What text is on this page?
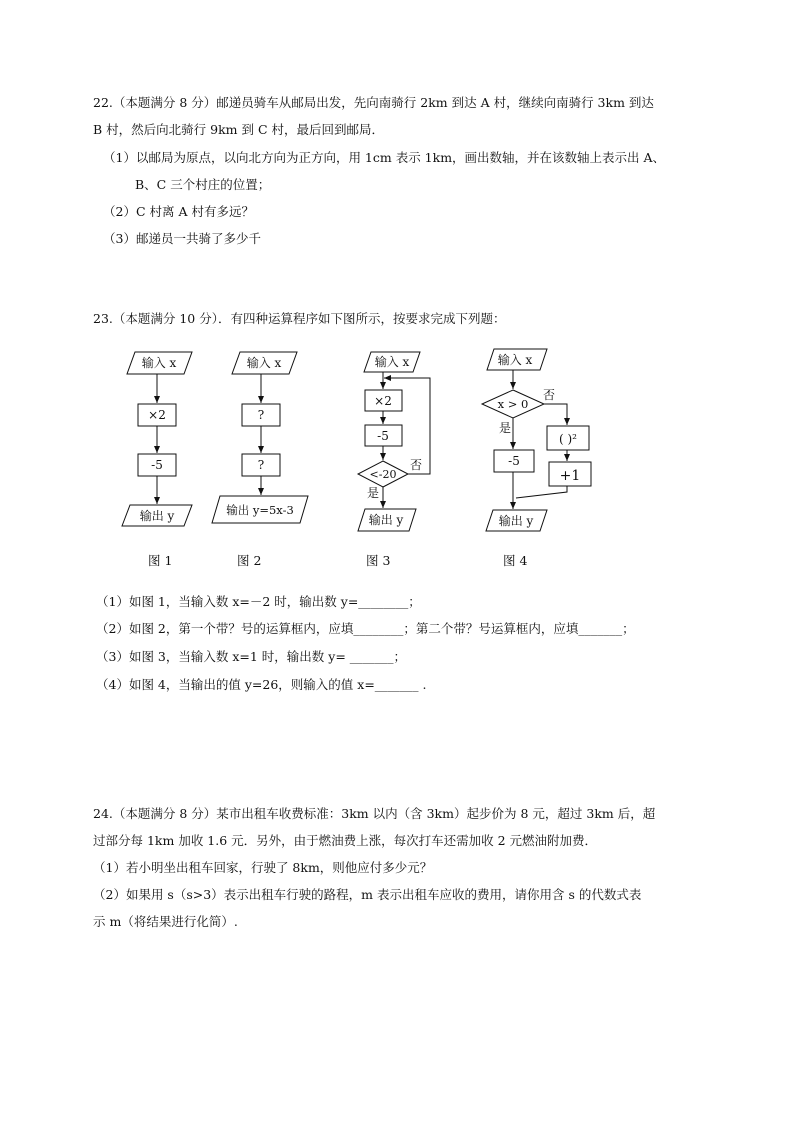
22.（本题满分 8 分）邮递员骑车从邮局出发，先向南骑行 2km 到达 A 村，继续向南骑行 3km 到达
B 村，然后向北骑行 9km 到 C 村，最后回到邮局．
（1）以邮局为原点，以向北方向为正方向，用 1cm 表示 1km，画出数轴，并在该数轴上表示出 A、
B、C 三个村庄的位置；
（2）C 村离 A 村有多远？
（3）邮递员一共骑了多少千
23.（本题满分 10 分）．有四种运算程序如下图所示，按要求完成下列题：
输入 x
×2
-5
输出 y
输入 x
?
?
输出 y=5x-3
输入 x
×2
-5
<-20
否
是
输出 y
输入 x
x > 0
否
是
-5
( )²
+1
输出 y
图 1	图 2	图 3	图 4
（1）如图 1，当输入数 x=－2 时，输出数 y=________；
（2）如图 2，第一个带？号的运算框内，应填________；第二个带？号运算框内，应填_______；
（3）如图 3，当输入数 x=1 时，输出数 y= _______；
（4）如图 4，当输出的值 y=26，则输入的值 x=_______ .
24.（本题满分 8 分）某市出租车收费标准：3km 以内（含 3km）起步价为 8 元，超过 3km 后，超
过部分每 1km 加收 1.6 元．另外，由于燃油费上涨，每次打车还需加收 2 元燃油附加费．
（1）若小明坐出租车回家，行驶了 8km，则他应付多少元？
（2）如果用 s（s>3）表示出租车行驶的路程，m 表示出租车应收的费用，请你用含 s 的代数式表
示 m（将结果进行化简）.
